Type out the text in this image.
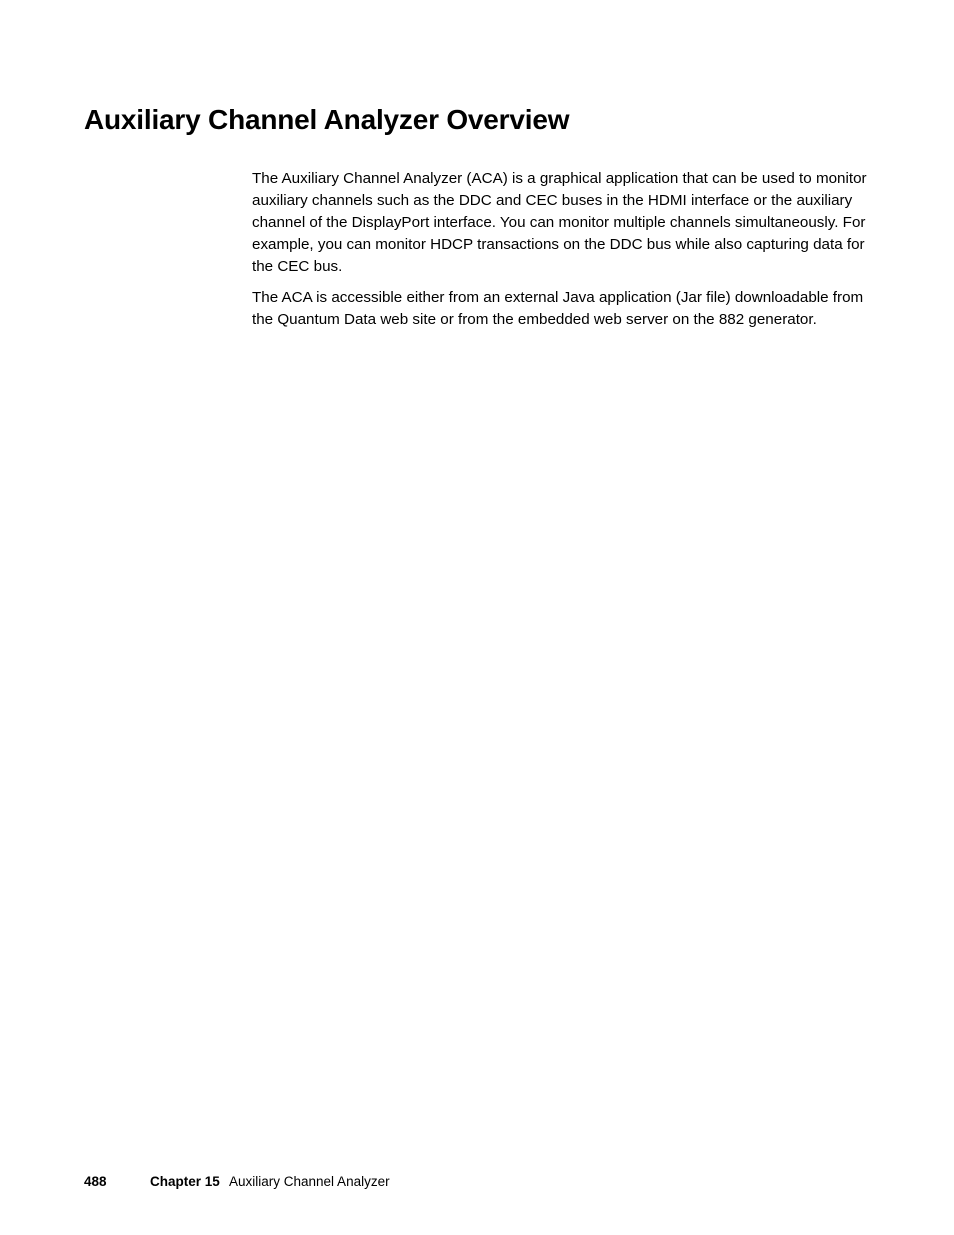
Auxiliary Channel Analyzer Overview

The Auxiliary Channel Analyzer (ACA) is a graphical application that can be used to monitor auxiliary channels such as the DDC and CEC buses in the HDMI interface or the auxiliary channel of the DisplayPort interface. You can monitor multiple channels simultaneously. For example, you can monitor HDCP transactions on the DDC bus while also capturing data for the CEC bus.

The ACA is accessible either from an external Java application (Jar file) downloadable from the Quantum Data web site or from the embedded web server on the 882 generator.

488	Chapter 15 Auxiliary Channel Analyzer
